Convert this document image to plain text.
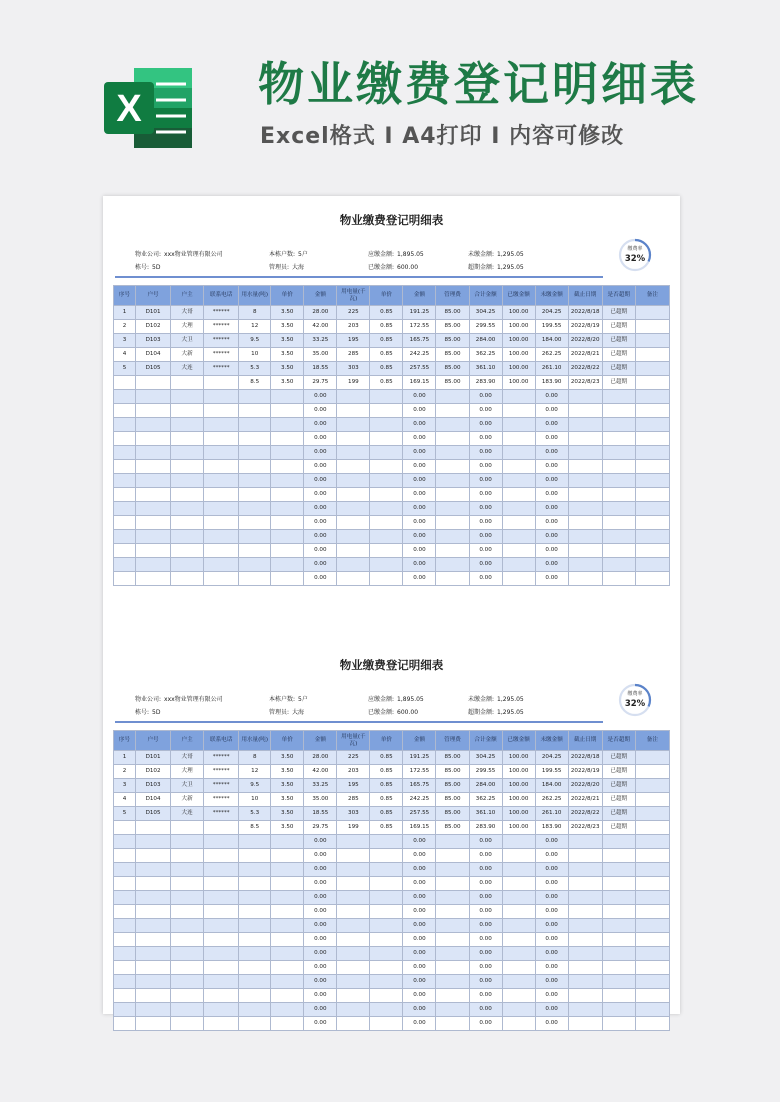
X	物业缴费登记明细表
Excel格式 I A4打印 I 内容可修改
物业缴费登记明细表
物业公司: xxx物业管理有限公司
栋号: 5D
本栋户数: 5户
管理员: 大海
应缴金额: 1,895.05
已缴金额: 600.00
未缴金额: 1,295.05
超期金额: 1,295.05
缴费率
32%
序号	户号	户主	联系电话	用水量(吨)	单价	金额	用电量(千瓦)	单价	金额	管理费	合计金额	已缴金额	未缴金额	截止日期	是否超期	备注
1	D101	大哥	******	8	3.50	28.00	225	0.85	191.25	85.00	304.25	100.00	204.25	2022/8/18	已超期	
2	D102	大理	******	12	3.50	42.00	203	0.85	172.55	85.00	299.55	100.00	199.55	2022/8/19	已超期	
3	D103	大卫	******	9.5	3.50	33.25	195	0.85	165.75	85.00	284.00	100.00	184.00	2022/8/20	已超期	
4	D104	大新	******	10	3.50	35.00	285	0.85	242.25	85.00	362.25	100.00	262.25	2022/8/21	已超期	
5	D105	大连	******	5.3	3.50	18.55	303	0.85	257.55	85.00	361.10	100.00	261.10	2022/8/22	已超期	
				8.5	3.50	29.75	199	0.85	169.15	85.00	283.90	100.00	183.90	2022/8/23	已超期	
						0.00			0.00		0.00		0.00			
						0.00			0.00		0.00		0.00			
						0.00			0.00		0.00		0.00			
						0.00			0.00		0.00		0.00			
						0.00			0.00		0.00		0.00			
						0.00			0.00		0.00		0.00			
						0.00			0.00		0.00		0.00			
						0.00			0.00		0.00		0.00			
						0.00			0.00		0.00		0.00			
						0.00			0.00		0.00		0.00			
						0.00			0.00		0.00		0.00			
						0.00			0.00		0.00		0.00			
						0.00			0.00		0.00		0.00			
						0.00			0.00		0.00		0.00			
物业缴费登记明细表
物业公司: xxx物业管理有限公司
栋号: 5D
本栋户数: 5户
管理员: 大海
应缴金额: 1,895.05
已缴金额: 600.00
未缴金额: 1,295.05
超期金额: 1,295.05
缴费率
32%
序号	户号	户主	联系电话	用水量(吨)	单价	金额	用电量(千瓦)	单价	金额	管理费	合计金额	已缴金额	未缴金额	截止日期	是否超期	备注
1	D101	大哥	******	8	3.50	28.00	225	0.85	191.25	85.00	304.25	100.00	204.25	2022/8/18	已超期	
2	D102	大理	******	12	3.50	42.00	203	0.85	172.55	85.00	299.55	100.00	199.55	2022/8/19	已超期	
3	D103	大卫	******	9.5	3.50	33.25	195	0.85	165.75	85.00	284.00	100.00	184.00	2022/8/20	已超期	
4	D104	大新	******	10	3.50	35.00	285	0.85	242.25	85.00	362.25	100.00	262.25	2022/8/21	已超期	
5	D105	大连	******	5.3	3.50	18.55	303	0.85	257.55	85.00	361.10	100.00	261.10	2022/8/22	已超期	
				8.5	3.50	29.75	199	0.85	169.15	85.00	283.90	100.00	183.90	2022/8/23	已超期	
						0.00			0.00		0.00		0.00			
						0.00			0.00		0.00		0.00			
						0.00			0.00		0.00		0.00			
						0.00			0.00		0.00		0.00			
						0.00			0.00		0.00		0.00			
						0.00			0.00		0.00		0.00			
						0.00			0.00		0.00		0.00			
						0.00			0.00		0.00		0.00			
						0.00			0.00		0.00		0.00			
						0.00			0.00		0.00		0.00			
						0.00			0.00		0.00		0.00			
						0.00			0.00		0.00		0.00			
						0.00			0.00		0.00		0.00			
						0.00			0.00		0.00		0.00			
